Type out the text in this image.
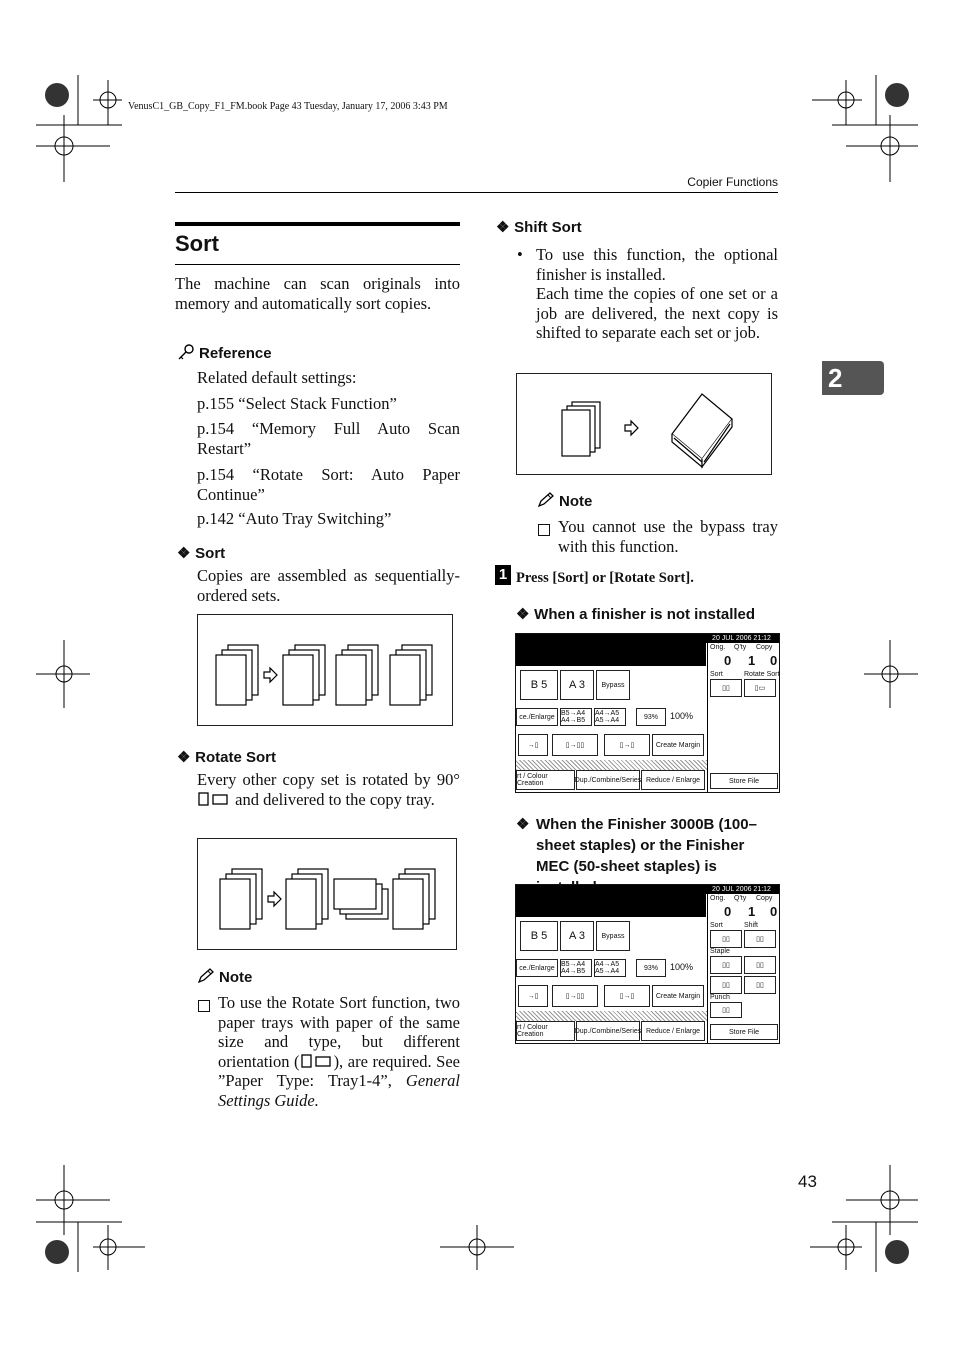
VenusC1_GB_Copy_F1_FM.book Page 43 Tuesday, January 17, 2006 3:43 PM
Copier Functions
2
Sort
The machine can scan originals into memory and automatically sort copies.
Reference
Related default settings:
p.155 “Select Stack Function”
p.154 “Memory Full Auto Scan Restart”
p.154 “Rotate Sort: Auto Paper Continue”
p.142 “Auto Tray Switching”
❖ Sort
Copies are assembled as sequentially-ordered sets.
❖ Rotate Sort
Every other copy set is rotated by 90°  and delivered to the copy tray.
Note
To use the Rotate Sort function, two paper trays with paper of the same size and type, but different orientation ( ), are required. See ”Paper Type: Tray1-4”, General Settings Guide.
❖ Shift Sort
• To use this function, the optional finisher is installed.
Each time the copies of one set or a job are delivered, the next copy is shifted to separate each set or job.
Note
You cannot use the bypass tray with this function.
1 Press [Sort] or [Rotate Sort].
❖ When a finisher is not installed
20 JUL 2006 21:12
Orig. Q'ty Copy
0 1 0
B 5 A 3 Bypass
ce./Enlarge B5→A4 A4→B5
A4→A5 A5→A4	93% 100%
→▯	▯→▯▯	▯→▯	Create Margin
rt / Colour Creation	Dup./Combine/Series Reduce / Enlarge
Sort	Rotate Sort
▯▯	▯▭
Store File
❖ When the Finisher 3000B (100–sheet staples) or the Finisher MEC (50-sheet staples) is
20 JUL 2006 21:12
Orig. Q'ty Copy
0 1 0
B 5 A 3 Bypass
ce./Enlarge B5→A4 A4→B5
A4→A5 A5→A4	93% 100%
→▯	▯→▯▯	▯→▯	Create Margin
rt / Colour Creation	Dup./Combine/Series Reduce / Enlarge
Sort	Shift
▯▯	▯▯
Staple
▯▯	▯▯
▯▯	▯▯
Punch
▯▯
Store File
43
